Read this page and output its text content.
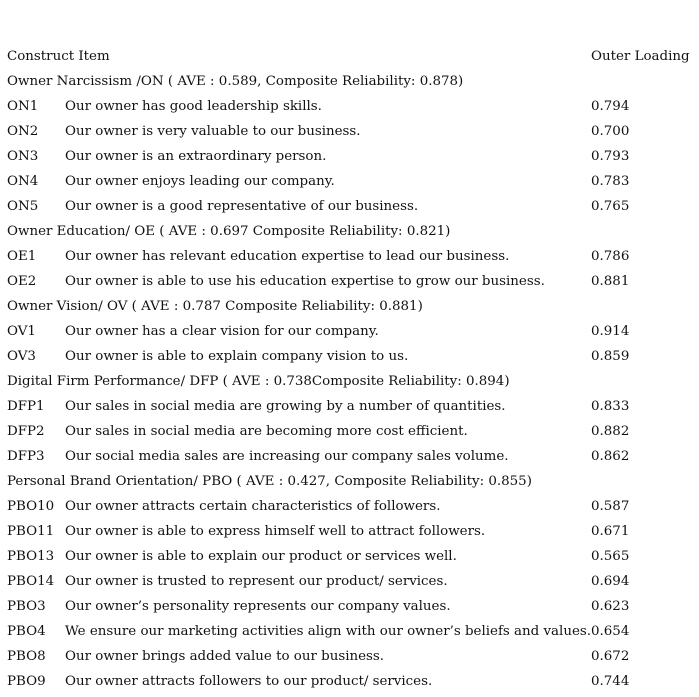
Construct Item	Outer Loading
Owner Narcissism /ON ( AVE : 0.589, Composite Reliability: 0.878)
ON1 Our owner has good leadership skills.	0.794
ON2 Our owner is very valuable to our business.	0.700
ON3 Our owner is an extraordinary person.	0.793
ON4 Our owner enjoys leading our company.	0.783
ON5 Our owner is a good representative of our business.	0.765
Owner Education/ OE ( AVE : 0.697 Composite Reliability: 0.821)
OE1 Our owner has relevant education expertise to lead our business.	0.786
OE2 Our owner is able to use his education expertise to grow our business.	0.881
Owner Vision/ OV ( AVE : 0.787 Composite Reliability: 0.881)
OV1 Our owner has a clear vision for our company.	0.914
OV3 Our owner is able to explain company vision to us.	0.859
Digital Firm Performance/ DFP ( AVE : 0.738Composite Reliability: 0.894)
DFP1 Our sales in social media are growing by a number of quantities.	0.833
DFP2 Our sales in social media are becoming more cost efficient.	0.882
DFP3 Our social media sales are increasing our company sales volume.	0.862
Personal Brand Orientation/ PBO ( AVE : 0.427, Composite Reliability: 0.855)
PBO10 Our owner attracts certain characteristics of followers.	0.587
PBO11 Our owner is able to express himself well to attract followers.	0.671
PBO13 Our owner is able to explain our product or services well.	0.565
PBO14 Our owner is trusted to represent our product/ services.	0.694
PBO3 Our owner’s personality represents our company values.	0.623
PBO4 We ensure our marketing activities align with our owner’s beliefs and values. 0.654
PBO8 Our owner brings added value to our business.	0.672
PBO9 Our owner attracts followers to our product/ services.	0.744
